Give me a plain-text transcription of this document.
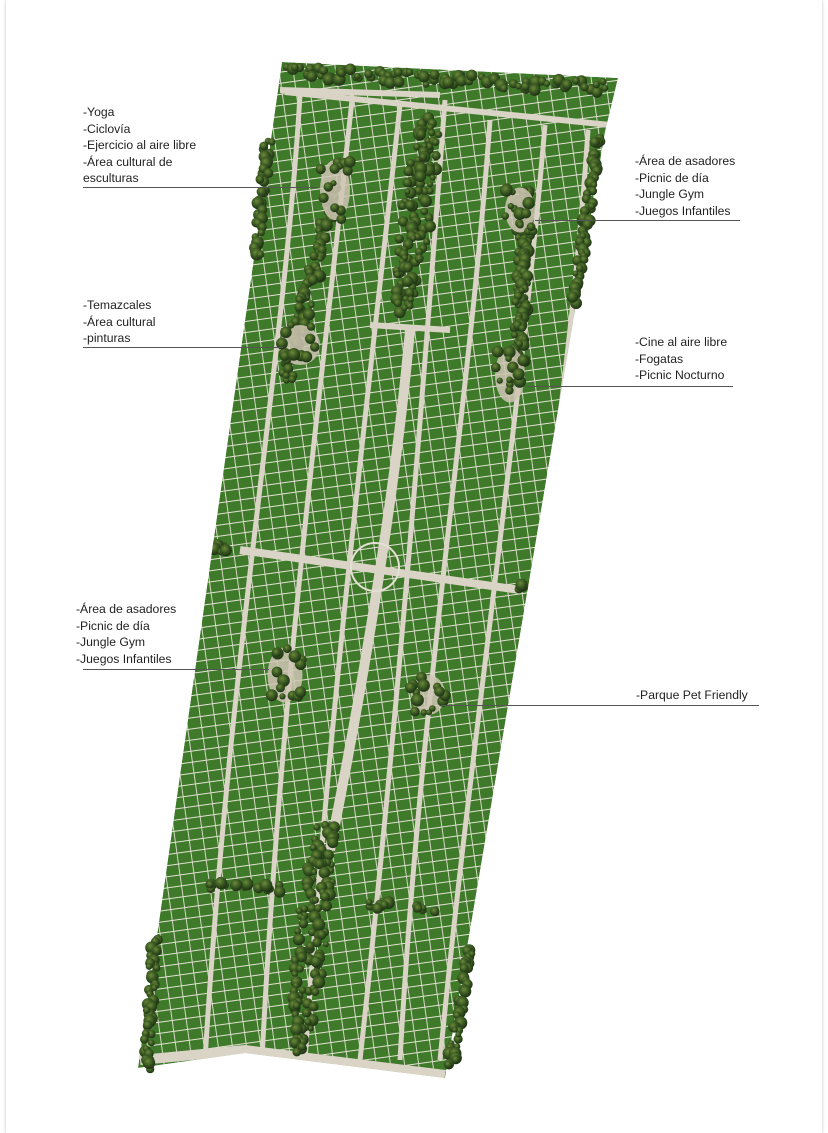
-Yoga
-Ciclovía
-Ejercicio al aire libre
-Área cultural de
esculturas
-Área de asadores
-Picnic de día
-Jungle Gym
-Juegos Infantiles
-Temazcales
-Área cultural
-pinturas	-Cine al aire libre
-Fogatas
-Picnic Nocturno
-Área de asadores
-Picnic de día
-Jungle Gym
-Juegos Infantiles
-Parque Pet Friendly
